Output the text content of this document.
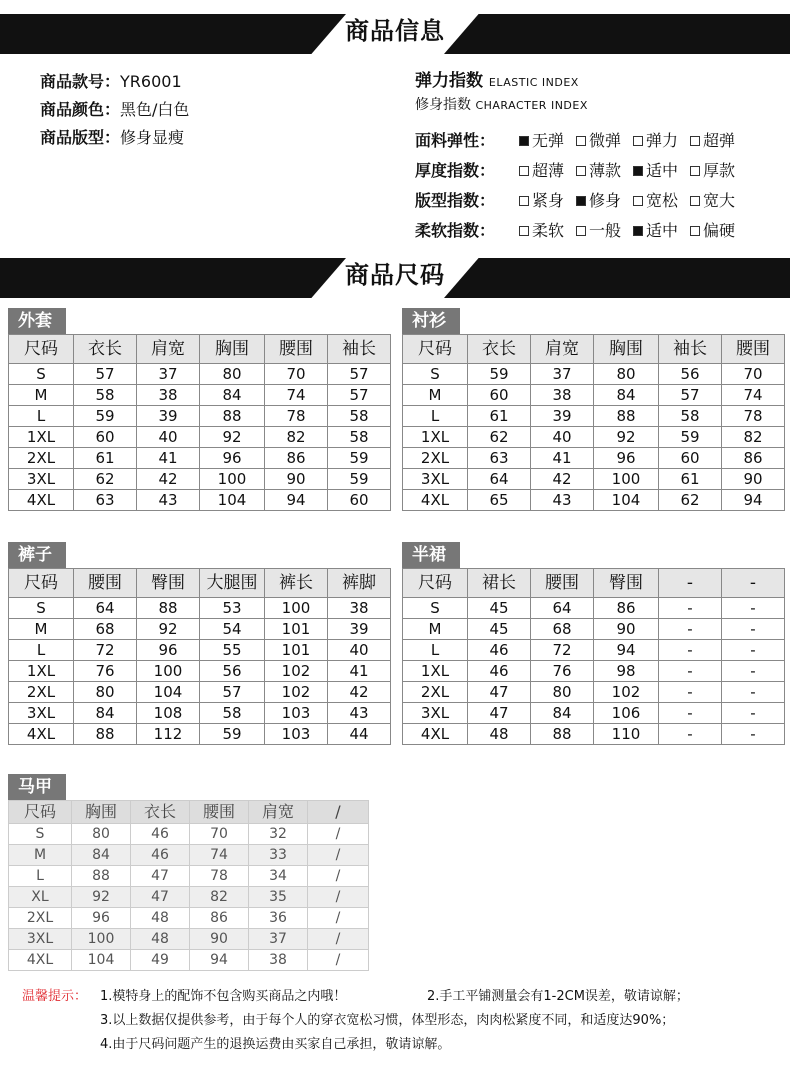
商品信息
商品款号：YR6001
商品颜色：黑色/白色
商品版型：修身显瘦
弹力指数 ELASTIC INDEX
修身指数 CHARACTER INDEX
面料弹性：	无弹	微弹	弹力	超弹
厚度指数：	超薄	薄款	适中	厚款
版型指数：	紧身	修身	宽松	宽大
柔软指数：	柔软	一般	适中	偏硬
商品尺码
外套
尺码	衣长	肩宽	胸围	腰围	袖长
S	57	37	80	70	57
M	58	38	84	74	57
L	59	39	88	78	58
1XL	60	40	92	82	58
2XL	61	41	96	86	59
3XL	62	42	100	90	59
4XL	63	43	104	94	60
衬衫
尺码	衣长	肩宽	胸围	袖长	腰围
S	59	37	80	56	70
M	60	38	84	57	74
L	61	39	88	58	78
1XL	62	40	92	59	82
2XL	63	41	96	60	86
3XL	64	42	100	61	90
4XL	65	43	104	62	94
裤子
尺码	腰围	臀围	大腿围	裤长	裤脚
S	64	88	53	100	38
M	68	92	54	101	39
L	72	96	55	101	40
1XL	76	100	56	102	41
2XL	80	104	57	102	42
3XL	84	108	58	103	43
4XL	88	112	59	103	44
半裙
尺码	裙长	腰围	臀围	-	-
S	45	64	86	-	-
M	45	68	90	-	-
L	46	72	94	-	-
1XL	46	76	98	-	-
2XL	47	80	102	-	-
3XL	47	84	106	-	-
4XL	48	88	110	-	-
马甲
尺码	胸围	衣长	腰围	肩宽	/
S	80	46	70	32	/
M	84	46	74	33	/
L	88	47	78	34	/
XL	92	47	82	35	/
2XL	96	48	86	36	/
3XL	100	48	90	37	/
4XL	104	49	94	38	/
温馨提示： 1.模特身上的配饰不包含购买商品之内哦！	2.手工平铺测量会有1-2CM误差，敬请谅解；
3.以上数据仅提供参考，由于每个人的穿衣宽松习惯，体型形态，肉肉松紧度不同，和适度达90%；
4.由于尺码问题产生的退换运费由买家自己承担，敬请谅解。
